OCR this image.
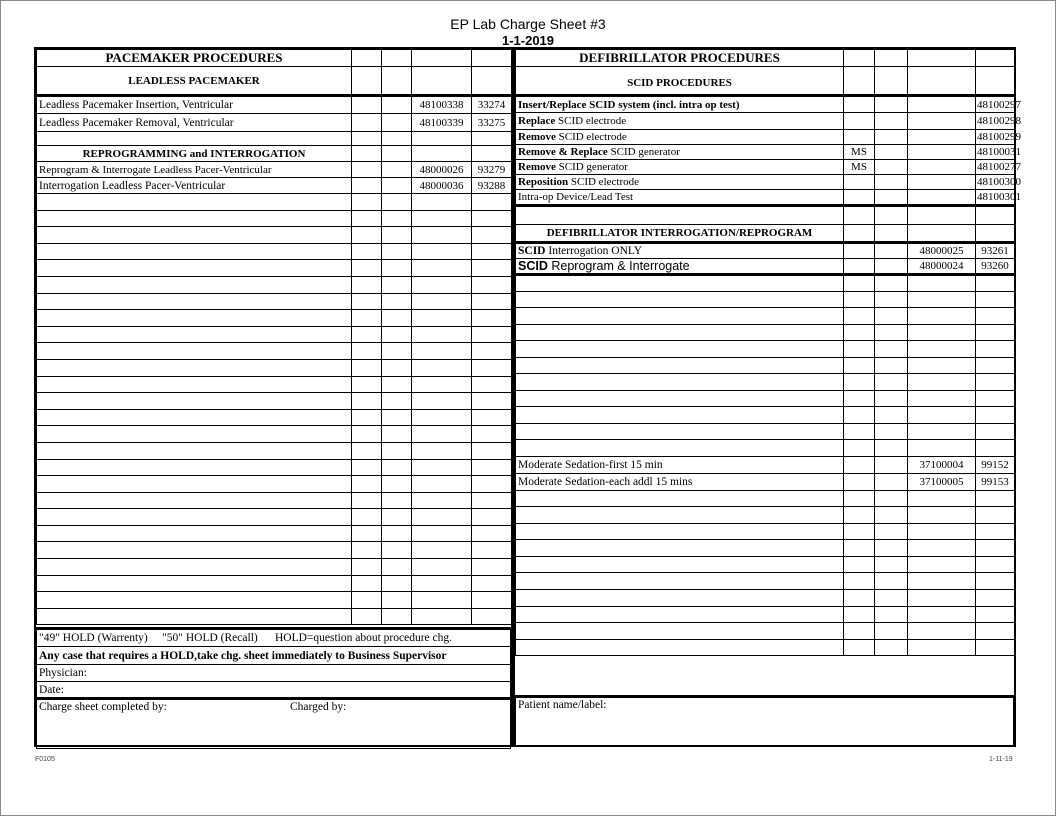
EP Lab Charge Sheet #3
1-1-2019
PACEMAKER PROCEDURES				
LEADLESS PACEMAKER				
Leadless Pacemaker Insertion, Ventricular			48100338	33274
Leadless Pacemaker Removal, Ventricular			48100339	33275

REPROGRAMMING and INTERROGATION				
Reprogram & Interrogate Leadless Pacer-Ventricular			48000026	93279
Interrogation Leadless Pacer-Ventricular			48000036	93288

"49" HOLD (Warrenty)     "50" HOLD (Recall)      HOLD=question about procedure chg.
Any case that requires a HOLD,take chg. sheet immediately to Business Supervisor
Physician:
Date:
Charge sheet completed by:	Charged by:
DEFIBRILLATOR PROCEDURES					
SCID PROCEDURES					
Insert/Replace SCID system (incl. intra op test)				48100297	
Replace SCID electrode				48100298	
Remove SCID electrode				48100299	
Remove & Replace SCID generator	MS			48100031	
Remove SCID generator	MS			48100277	
Reposition SCID electrode				48100300	
Intra-op Device/Lead Test				48100301	

DEFIBRILLATOR INTERROGATION/REPROGRAM					
SCID Interrogation ONLY			48000025	93261	
SCID Reprogram & Interrogate			48000024	93260	

Moderate Sedation-first 15 min			37100004	99152	
Moderate Sedation-each addl 15 mins			37100005	99153	

Patient name/label:
F0105	1-11-19
